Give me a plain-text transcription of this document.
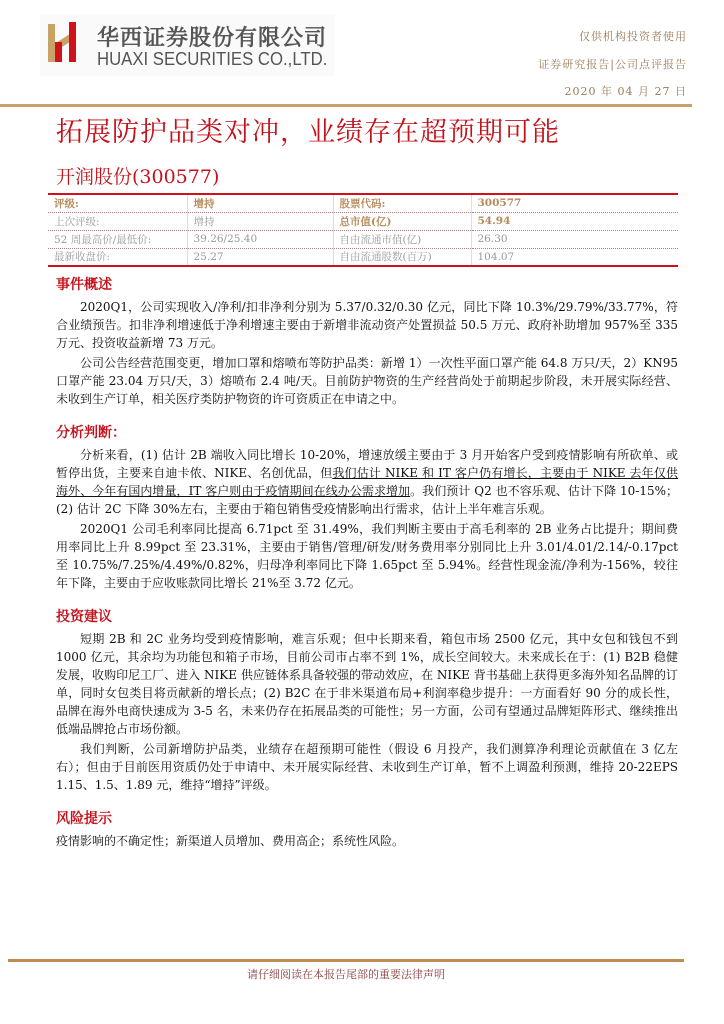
华西证券股份有限公司
HUAXI SECURITIES CO.,LTD.
仅供机构投资者使用
证券研究报告|公司点评报告
2020 年 04 月 27 日
拓展防护品类对冲，业绩存在超预期可能
开润股份(300577)
评级:	增持	股票代码:	300577
上次评级:	增持	总市值(亿)	54.94
52 周最高价/最低价:	39.26/25.40	自由流通市值(亿)	26.30
最新收盘价:	25.27	自由流通股数(百万)	104.07
事件概述

2020Q1，公司实现收入/净利/扣非净利分别为 5.37/0.32/0.30 亿元，同比下降 10.3%/29.79%/33.77%，符合业绩预告。扣非净利增速低于净利增速主要由于新增非流动资产处置损益 50.5 万元、政府补助增加 957%至 335 万元、投资收益新增 73 万元。

公司公告经营范围变更，增加口罩和熔喷布等防护品类：新增 1）一次性平面口罩产能 64.8 万只/天，2）KN95 口罩产能 23.04 万只/天，3）熔喷布 2.4 吨/天。目前防护物资的生产经营尚处于前期起步阶段，未开展实际经营、未收到生产订单，相关医疗类防护物资的许可资质正在申请之中。

分析判断：

分析来看，(1) 估计 2B 端收入同比增长 10-20%，增速放缓主要由于 3 月开始客户受到疫情影响有所砍单、或暂停出货，主要来自迪卡侬、NIKE、名创优品，但我们估计 NIKE 和 IT 客户仍有增长，主要由于 NIKE 去年仅供海外、今年有国内增量，IT 客户则由于疫情期间在线办公需求增加。我们预计 Q2 也不容乐观、估计下降 10-15%；(2) 估计 2C 下降 30%左右，主要由于箱包销售受疫情影响出行需求，估计上半年难言乐观。

2020Q1 公司毛利率同比提高 6.71pct 至 31.49%，我们判断主要由于高毛利率的 2B 业务占比提升；期间费用率同比上升 8.99pct 至 23.31%，主要由于销售/管理/研发/财务费用率分别同比上升 3.01/4.01/2.14/-0.17pct 至 10.75%/7.25%/4.49%/0.82%，归母净利率同比下降 1.65pct 至 5.94%。经营性现金流/净利为-156%，较往年下降，主要由于应收账款同比增长 21%至 3.72 亿元。

投资建议

短期 2B 和 2C 业务均受到疫情影响，难言乐观；但中长期来看，箱包市场 2500 亿元，其中女包和钱包不到 1000 亿元，其余均为功能包和箱子市场，目前公司市占率不到 1%，成长空间较大。未来成长在于：(1) B2B 稳健发展，收购印尼工厂、进入 NIKE 供应链体系具备较强的带动效应，在 NIKE 背书基础上获得更多海外知名品牌的订单，同时女包类目将贡献新的增长点；(2) B2C 在于非米渠道布局+利润率稳步提升：一方面看好 90 分的成长性，品牌在海外电商快速成为 3-5 名，未来仍存在拓展品类的可能性；另一方面，公司有望通过品牌矩阵形式、继续推出低端品牌抢占市场份额。

我们判断，公司新增防护品类，业绩存在超预期可能性（假设 6 月投产，我们测算净利理论贡献值在 3 亿左右）；但由于目前医用资质仍处于申请中、未开展实际经营、未收到生产订单，暂不上调盈利预测，维持 20-22EPS 1.15、1.5、1.89 元，维持“增持”评级。

风险提示

疫情影响的不确定性；新渠道人员增加、费用高企；系统性风险。

请仔细阅读在本报告尾部的重要法律声明
